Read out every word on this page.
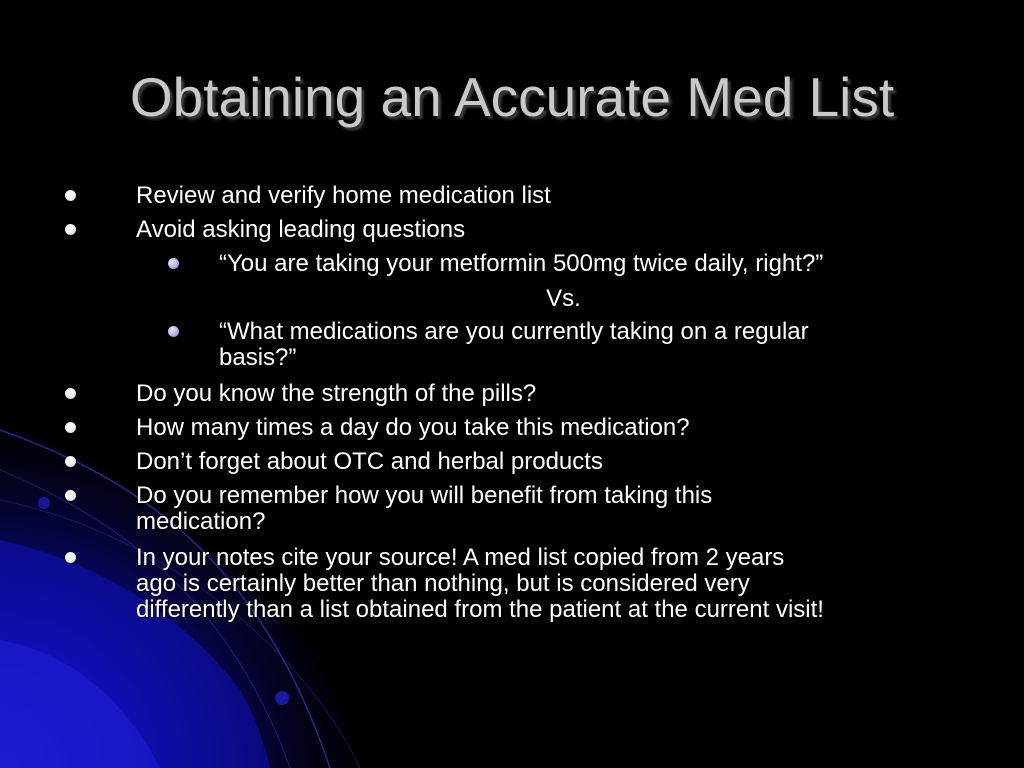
Obtaining an Accurate Med List
Review and verify home medication list
Avoid asking leading questions
“You are taking your metformin 500mg twice daily, right?”
Vs.
“What medications are you currently taking on a regular
basis?”
Do you know the strength of the pills?
How many times a day do you take this medication?
Don’t forget about OTC and herbal products
Do you remember how you will benefit from taking this
medication?
In your notes cite your source! A med list copied from 2 years
ago is certainly better than nothing, but is considered very
differently than a list obtained from the patient at the current visit!
